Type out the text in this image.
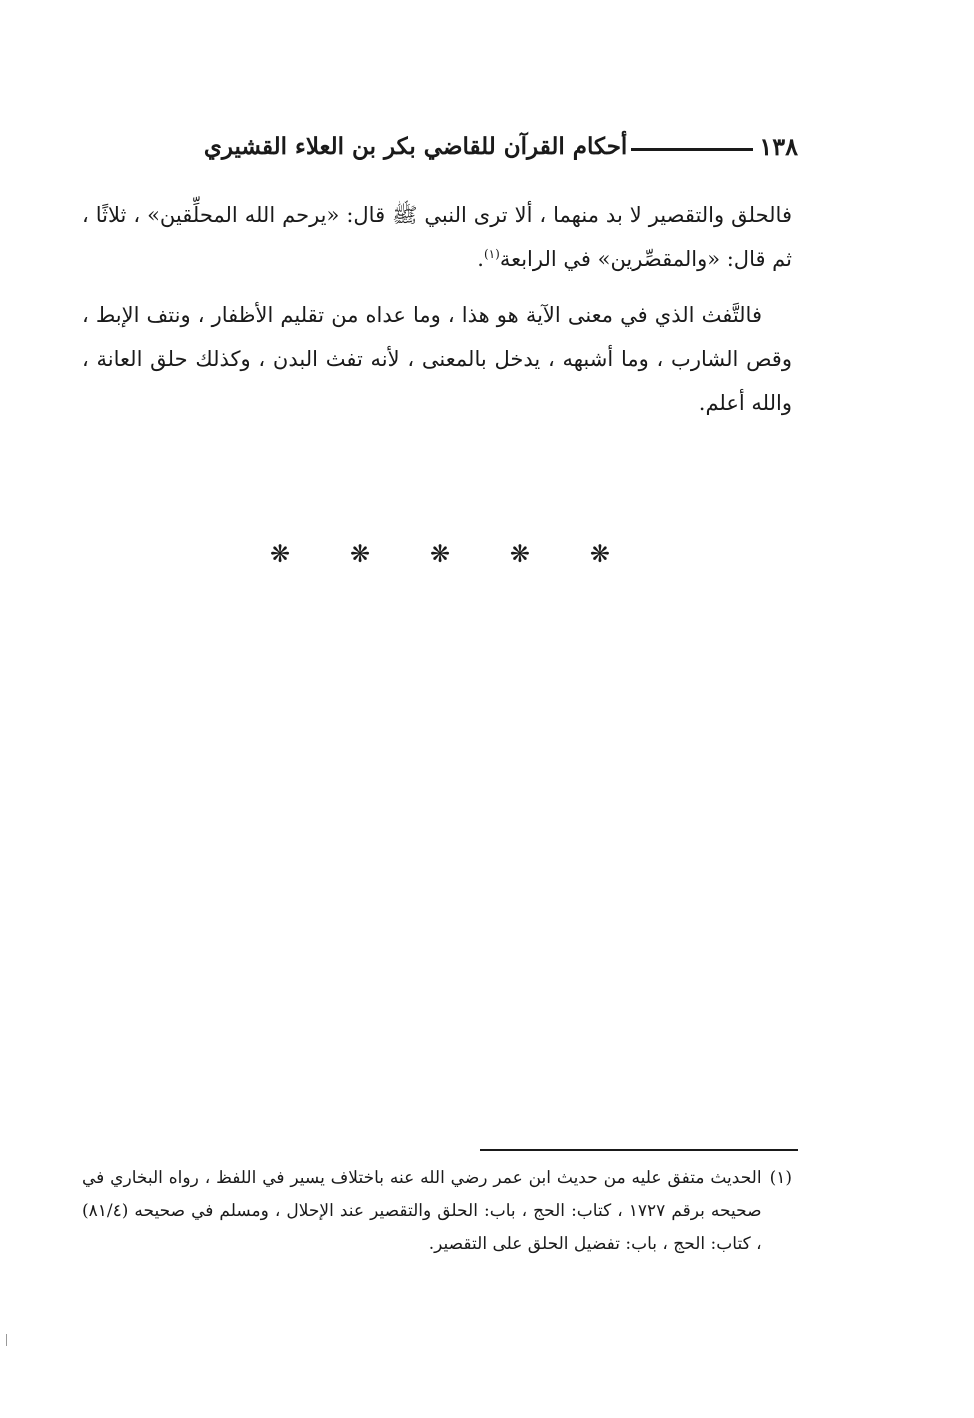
١٣٨
أحكام القرآن للقاضي بكر بن العلاء القشيري

فالحلق والتقصير لا بد منهما ، ألا ترى النبي ﷺ قال: «يرحم الله المحلِّقين» ، ثلاثًا ، ثم قال: «والمقصِّرين» في الرابعة$^{(١)}$.

فالتَّفث الذي في معنى الآية هو هذا ، وما عداه من تقليم الأظفار ، ونتف الإبط ، وقص الشارب ، وما أشبهه ، يدخل بالمعنى ، لأنه تفث البدن ، وكذلك حلق العانة ، والله أعلم.

❋
❋
❋
❋
❋
(١)
الحديث متفق عليه من حديث ابن عمر رضي الله عنه باختلاف يسير في اللفظ ، رواه البخاري في صحيحه برقم ١٧٢٧ ، كتاب: الحج ، باب: الحلق والتقصير عند الإحلال ، ومسلم في صحيحه (٨١/٤) ، كتاب: الحج ، باب: تفضيل الحلق على التقصير.
